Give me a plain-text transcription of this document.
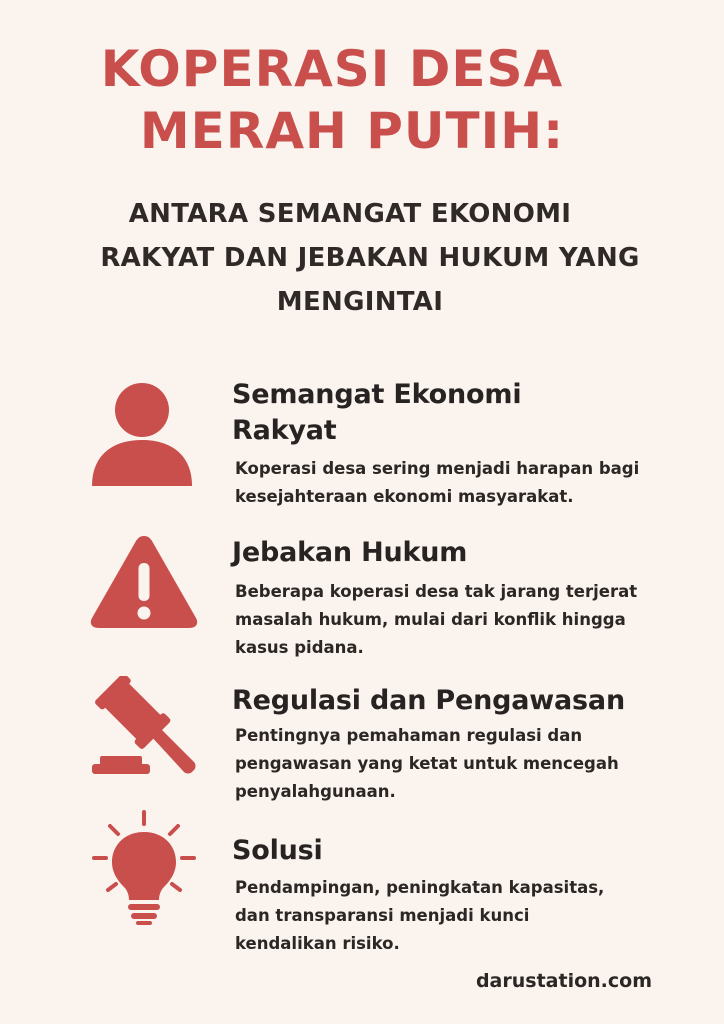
KOPERASI DESA
MERAH PUTIH:
ANTARA SEMANGAT EKONOMI
RAKYAT DAN JEBAKAN HUKUM YANG
MENGINTAI
Semangat Ekonomi
Rakyat
Koperasi desa sering menjadi harapan bagi
kesejahteraan ekonomi masyarakat.
Jebakan Hukum
Beberapa koperasi desa tak jarang terjerat
masalah hukum, mulai dari konflik hingga
kasus pidana.
Regulasi dan Pengawasan
Pentingnya pemahaman regulasi dan
pengawasan yang ketat untuk mencegah
penyalahgunaan.
Solusi
Pendampingan, peningkatan kapasitas,
dan transparansi menjadi kunci
kendalikan risiko.
darustation.com
